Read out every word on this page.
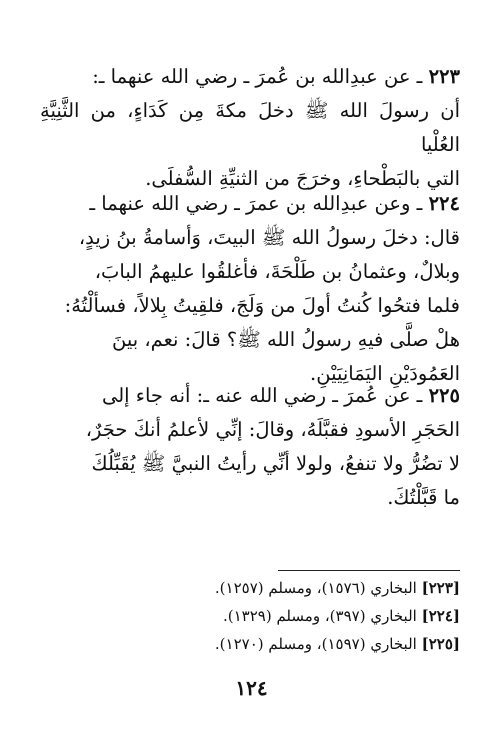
٢٢٣ ـ عن عبدِالله بن عُمرَ ـ رضي الله عنهما ـ:

أن رسولَ الله ﷺ دخلَ مكةَ مِن كَدَاءٍ، من الثَّنِيَّةِ العُلْيا

التي بالبَطْحاءِ، وخرَجَ من الثنيِّةِ السُّفلَى.

٢٢٤ ـ وعن عبدِالله بن عمرَ ـ رضي الله عنهما ـ

قال: دخلَ رسولُ الله ﷺ البيتَ، وَأسامةُ بنُ زيدٍ،

وبلالٌ، وعثمانُ بن طَلْحَةَ، فأغلقُوا عليهمُ البابَ،

فلما فتحُوا كُنتُ أولَ من وَلَجَ، فلقِيتُ بِلالاً، فسألْتُهُ:

هلْ صلَّى فيهِ رسولُ الله ﷺ؟ قالَ: نعم، بينَ

العَمُودَيْنِ اليَمَانِيَيْنِ.

٢٢٥ ـ عن عُمرَ ـ رضي الله عنه ـ: أنه جاء إلى

الحَجَرِ الأسودِ فقبَّلَهُ، وقالَ: إنِّي لأعلمُ أنكَ حجَرٌ،

لا تضُرُّ ولا تنفعُ، ولولا أنِّي رأيتُ النبيَّ ﷺ يُقَبِّلُكَ

ما قَبَّلْتُكَ.

[٢٢٣] البخاري (١٥٧٦)، ومسلم (١٢٥٧).

[٢٢٤] البخاري (٣٩٧)، ومسلم (١٣٢٩).

[٢٢٥] البخاري (١٥٩٧)، ومسلم (١٢٧٠).

١٢٤
